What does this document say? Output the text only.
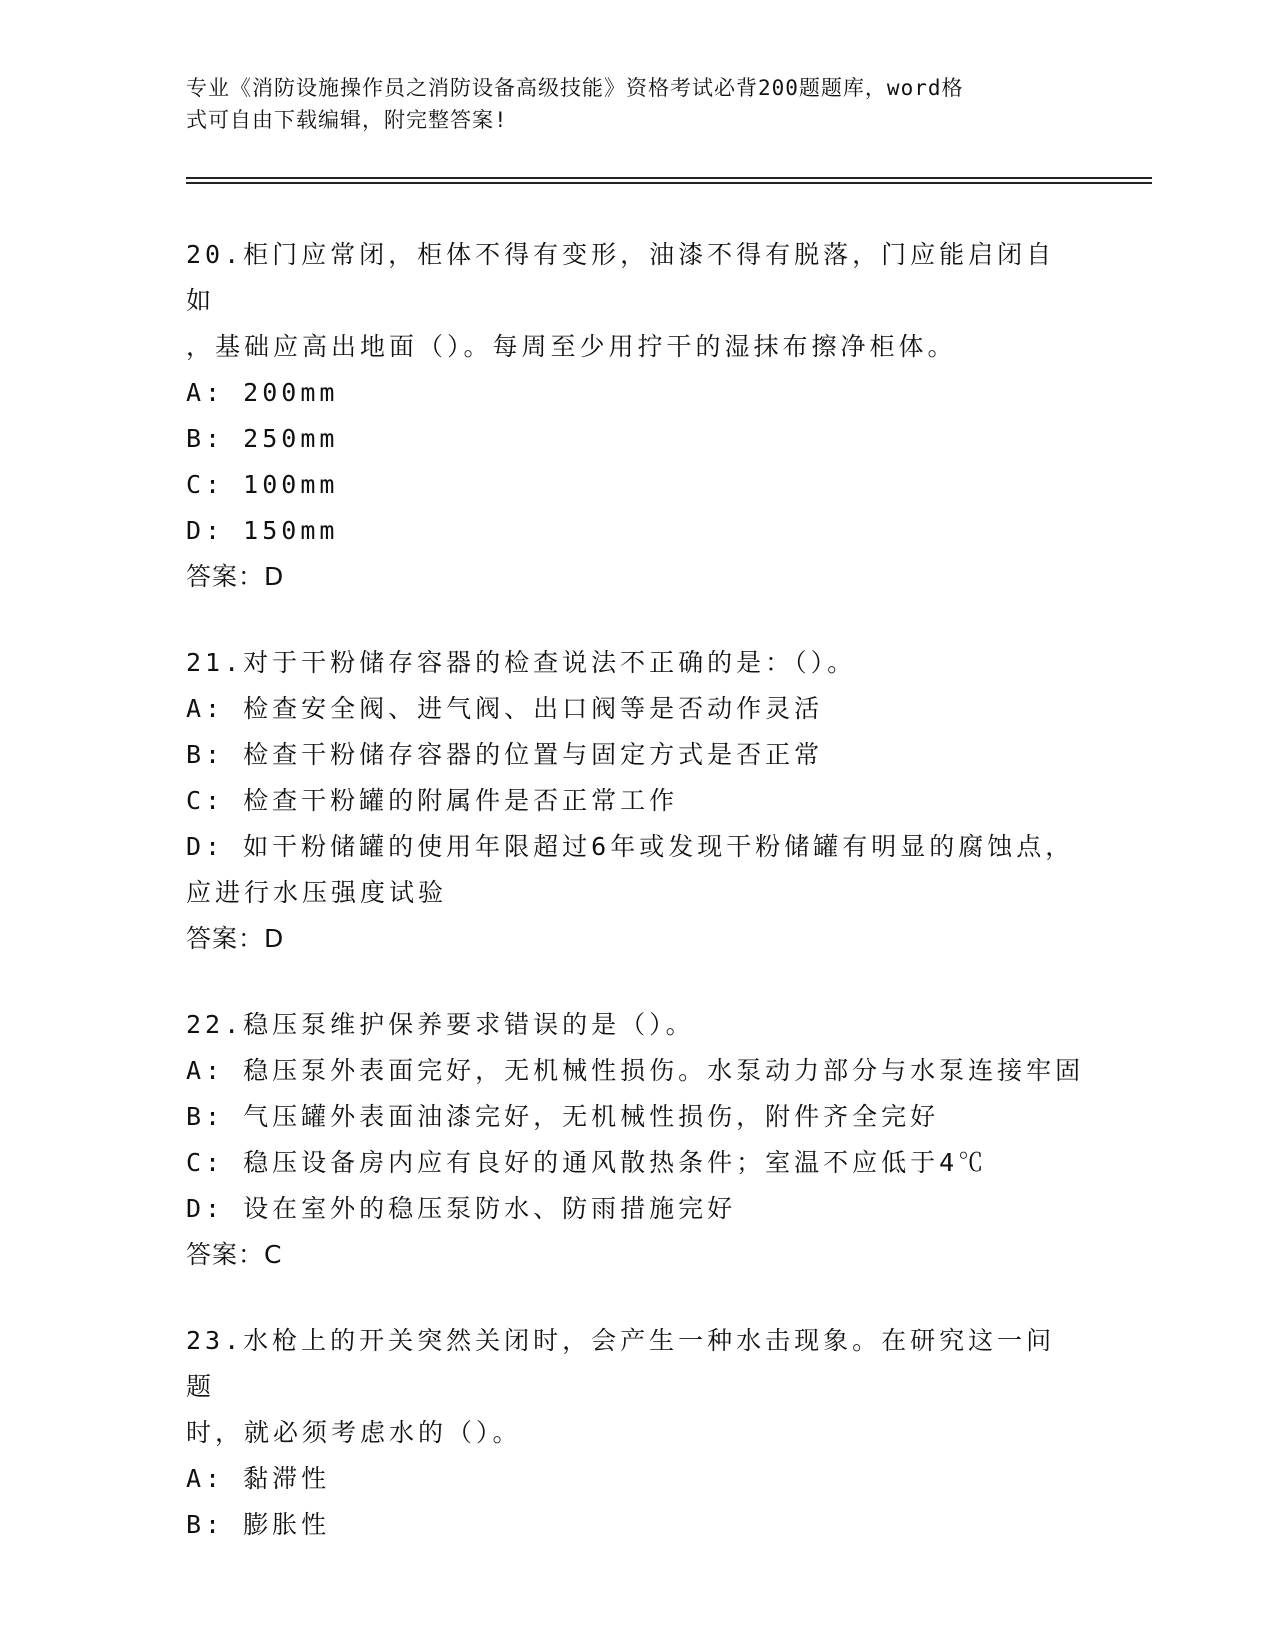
专业《消防设施操作员之消防设备高级技能》资格考试必背200题题库，word格
式可自由下载编辑，附完整答案!
20.柜门应常闭，柜体不得有变形，油漆不得有脱落，门应能启闭自如
，基础应高出地面（）。每周至少用拧干的湿抹布擦净柜体。
A: 200mm
B: 250mm
C: 100mm
D: 150mm
答案：D
21.对于干粉储存容器的检查说法不正确的是：（）。
A: 检查安全阀、进气阀、出口阀等是否动作灵活
B: 检查干粉储存容器的位置与固定方式是否正常
C: 检查干粉罐的附属件是否正常工作
D: 如干粉储罐的使用年限超过6年或发现干粉储罐有明显的腐蚀点，
应进行水压强度试验
答案：D
22.稳压泵维护保养要求错误的是（）。
A: 稳压泵外表面完好，无机械性损伤。水泵动力部分与水泵连接牢固
B: 气压罐外表面油漆完好，无机械性损伤，附件齐全完好
C: 稳压设备房内应有良好的通风散热条件；室温不应低于4℃
D: 设在室外的稳压泵防水、防雨措施完好
答案：C
23.水枪上的开关突然关闭时，会产生一种水击现象。在研究这一问题
时，就必须考虑水的（）。
A: 黏滞性
B: 膨胀性
